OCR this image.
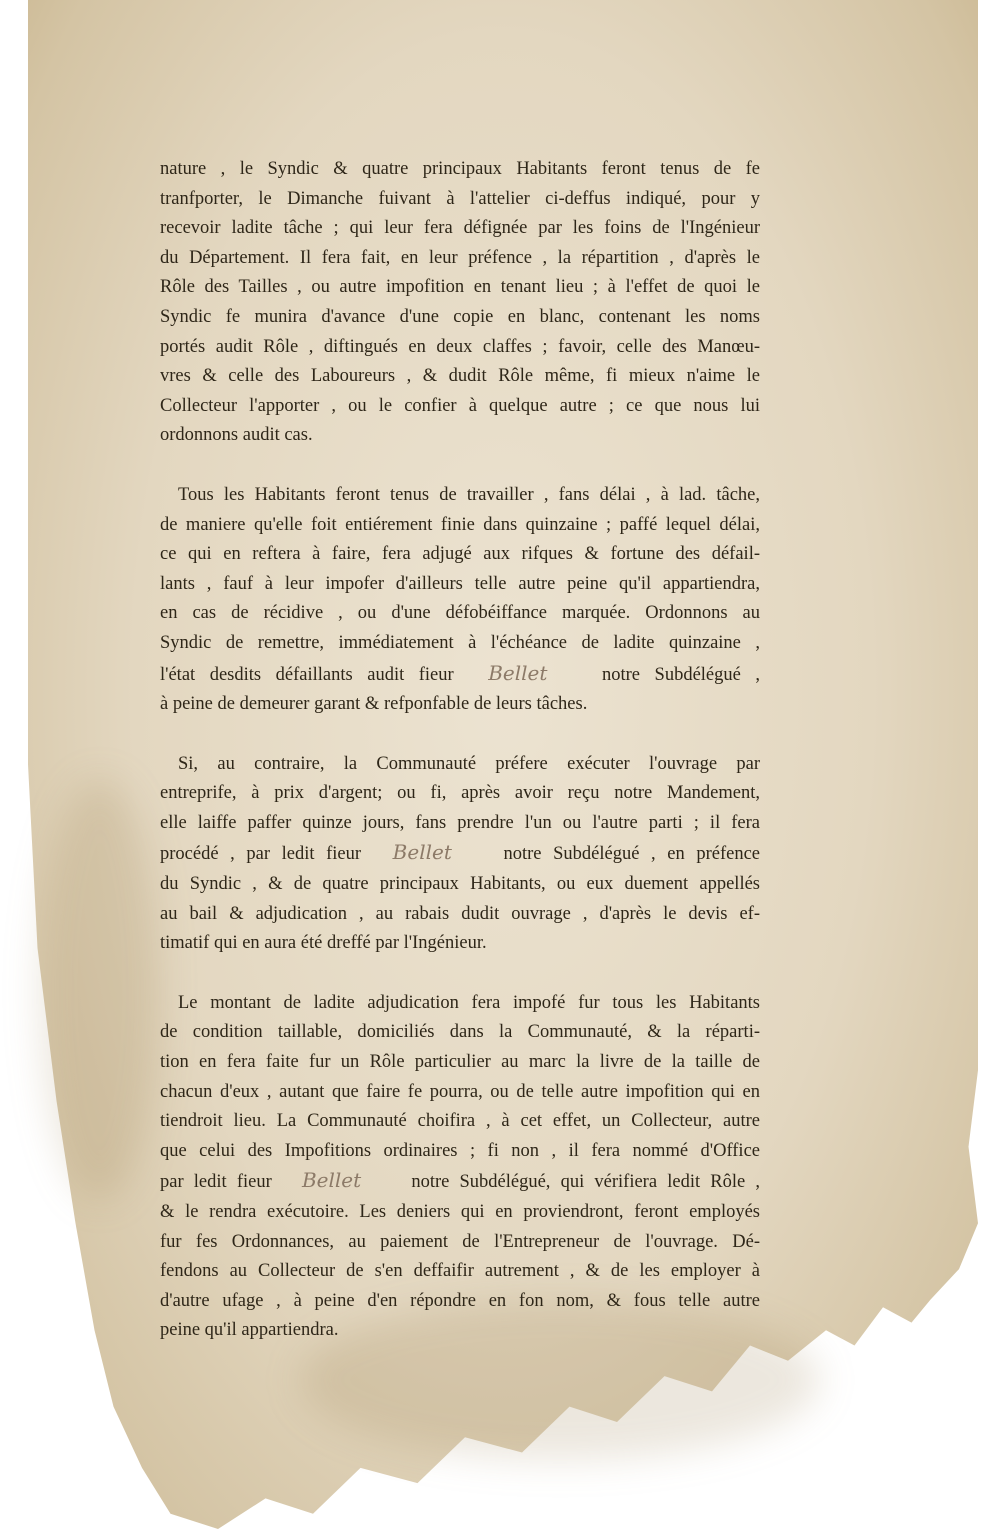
nature , le Syndic & quatre principaux Habitants feront tenus de fe
tranfporter, le Dimanche fuivant à l'attelier ci-deffus indiqué, pour y
recevoir ladite tâche ; qui leur fera défignée par les foins de l'Ingénieur
du Département. Il fera fait, en leur préfence , la répartition , d'après le
Rôle des Tailles , ou autre impofition en tenant lieu ; à l'effet de quoi le
Syndic fe munira d'avance d'une copie en blanc, contenant les noms
portés audit Rôle , diftingués en deux claffes ; favoir, celle des Manœu-
vres & celle des Laboureurs , & dudit Rôle même, fi mieux n'aime le
Collecteur l'apporter , ou le confier à quelque autre ; ce que nous lui
ordonnons audit cas.
Tous les Habitants feront tenus de travailler , fans délai , à lad. tâche,
de maniere qu'elle foit entiérement finie dans quinzaine ; paffé lequel délai,
ce qui en reftera à faire, fera adjugé aux rifques & fortune des défail-
lants , fauf à leur impofer d'ailleurs telle autre peine qu'il appartiendra,
en cas de récidive , ou d'une défobéiffance marquée. Ordonnons au
Syndic de remettre, immédiatement à l'échéance de ladite quinzaine ,
l'état desdits défaillants audit fieur Bellet	notre Subdélégué ,
à peine de demeurer garant & refponfable de leurs tâches.
Si, au contraire, la Communauté préfere exécuter l'ouvrage par
entreprife, à prix d'argent; ou fi, après avoir reçu notre Mandement,
elle laiffe paffer quinze jours, fans prendre l'un ou l'autre parti ; il fera
procédé , par ledit fieur Bellet	notre Subdélégué , en préfence
du Syndic , & de quatre principaux Habitants, ou eux duement appellés
au bail & adjudication , au rabais dudit ouvrage , d'après le devis ef-
timatif qui en aura été dreffé par l'Ingénieur.
Le montant de ladite adjudication fera impofé fur tous les Habitants
de condition taillable, domiciliés dans la Communauté, & la réparti-
tion en fera faite fur un Rôle particulier au marc la livre de la taille de
chacun d'eux , autant que faire fe pourra, ou de telle autre impofition qui en
tiendroit lieu. La Communauté choifira , à cet effet, un Collecteur, autre
que celui des Impofitions ordinaires ; fi non , il fera nommé d'Office
par ledit fieur Bellet	notre Subdélégué, qui vérifiera ledit Rôle ,
& le rendra exécutoire. Les deniers qui en proviendront, feront employés
fur fes Ordonnances, au paiement de l'Entrepreneur de l'ouvrage. Dé-
fendons au Collecteur de s'en deffaifir autrement , & de les employer à
d'autre ufage , à peine d'en répondre en fon nom, & fous telle autre
peine qu'il appartiendra.
